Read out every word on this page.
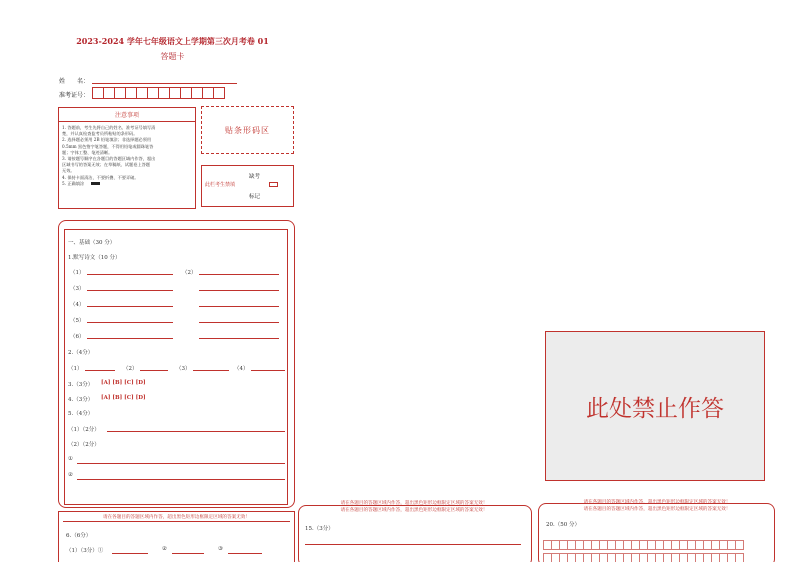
2023-2024 学年七年级语文上学期第三次月考卷 01
答题卡
姓　　名：
准考证号：
注意事项
1. 答题前，考生先将自己的姓名、准考证号填写清
楚，并认真检查监考员所粘贴的条形码。
2. 选择题必须用 2B 铅笔填涂；非选择题必须用
0.5mm 黑色签字笔答题，不得用铅笔或圆珠笔答
题；字体工整、笔迹清晰。
3. 请按题号顺序在各题目的答题区域内作答，超出
区域书写的答案无效；在草稿纸、试题卷上答题
无效。
4. 保持卡面清洁，不要折叠、不要弄破。
5. 正确填涂
贴条形码区
缺考
此栏考生禁填
标记
一、基础（30 分）
1.默写诗文（10 分）
（1）	（2）
（3）
（4）
（5）
（6）
2.（4分）
（1）	（2）	（3）	（4）
3.（3分） [A] [B] [C] [D]
4.（3分） [A] [B] [C] [D]
5.（4分）
（1）（2分）
（2）（2分）
①
②
请在各题目的答题区域内作答，超出黑色矩形边框限定区域的答案无效！
6.（6分）
（1）（3分）①	②	③
请在各题目的答题区域内作答，超出黑色矩形边框限定区域的答案无效！
请在各题目的答题区域内作答，超出黑色矩形边框限定区域的答案无效！
15.（3分）
此处禁止作答
请在各题目的答题区域内作答，超出黑色矩形边框限定区域的答案无效！
请在各题目的答题区域内作答，超出黑色矩形边框限定区域的答案无效！
20.（50 分）
